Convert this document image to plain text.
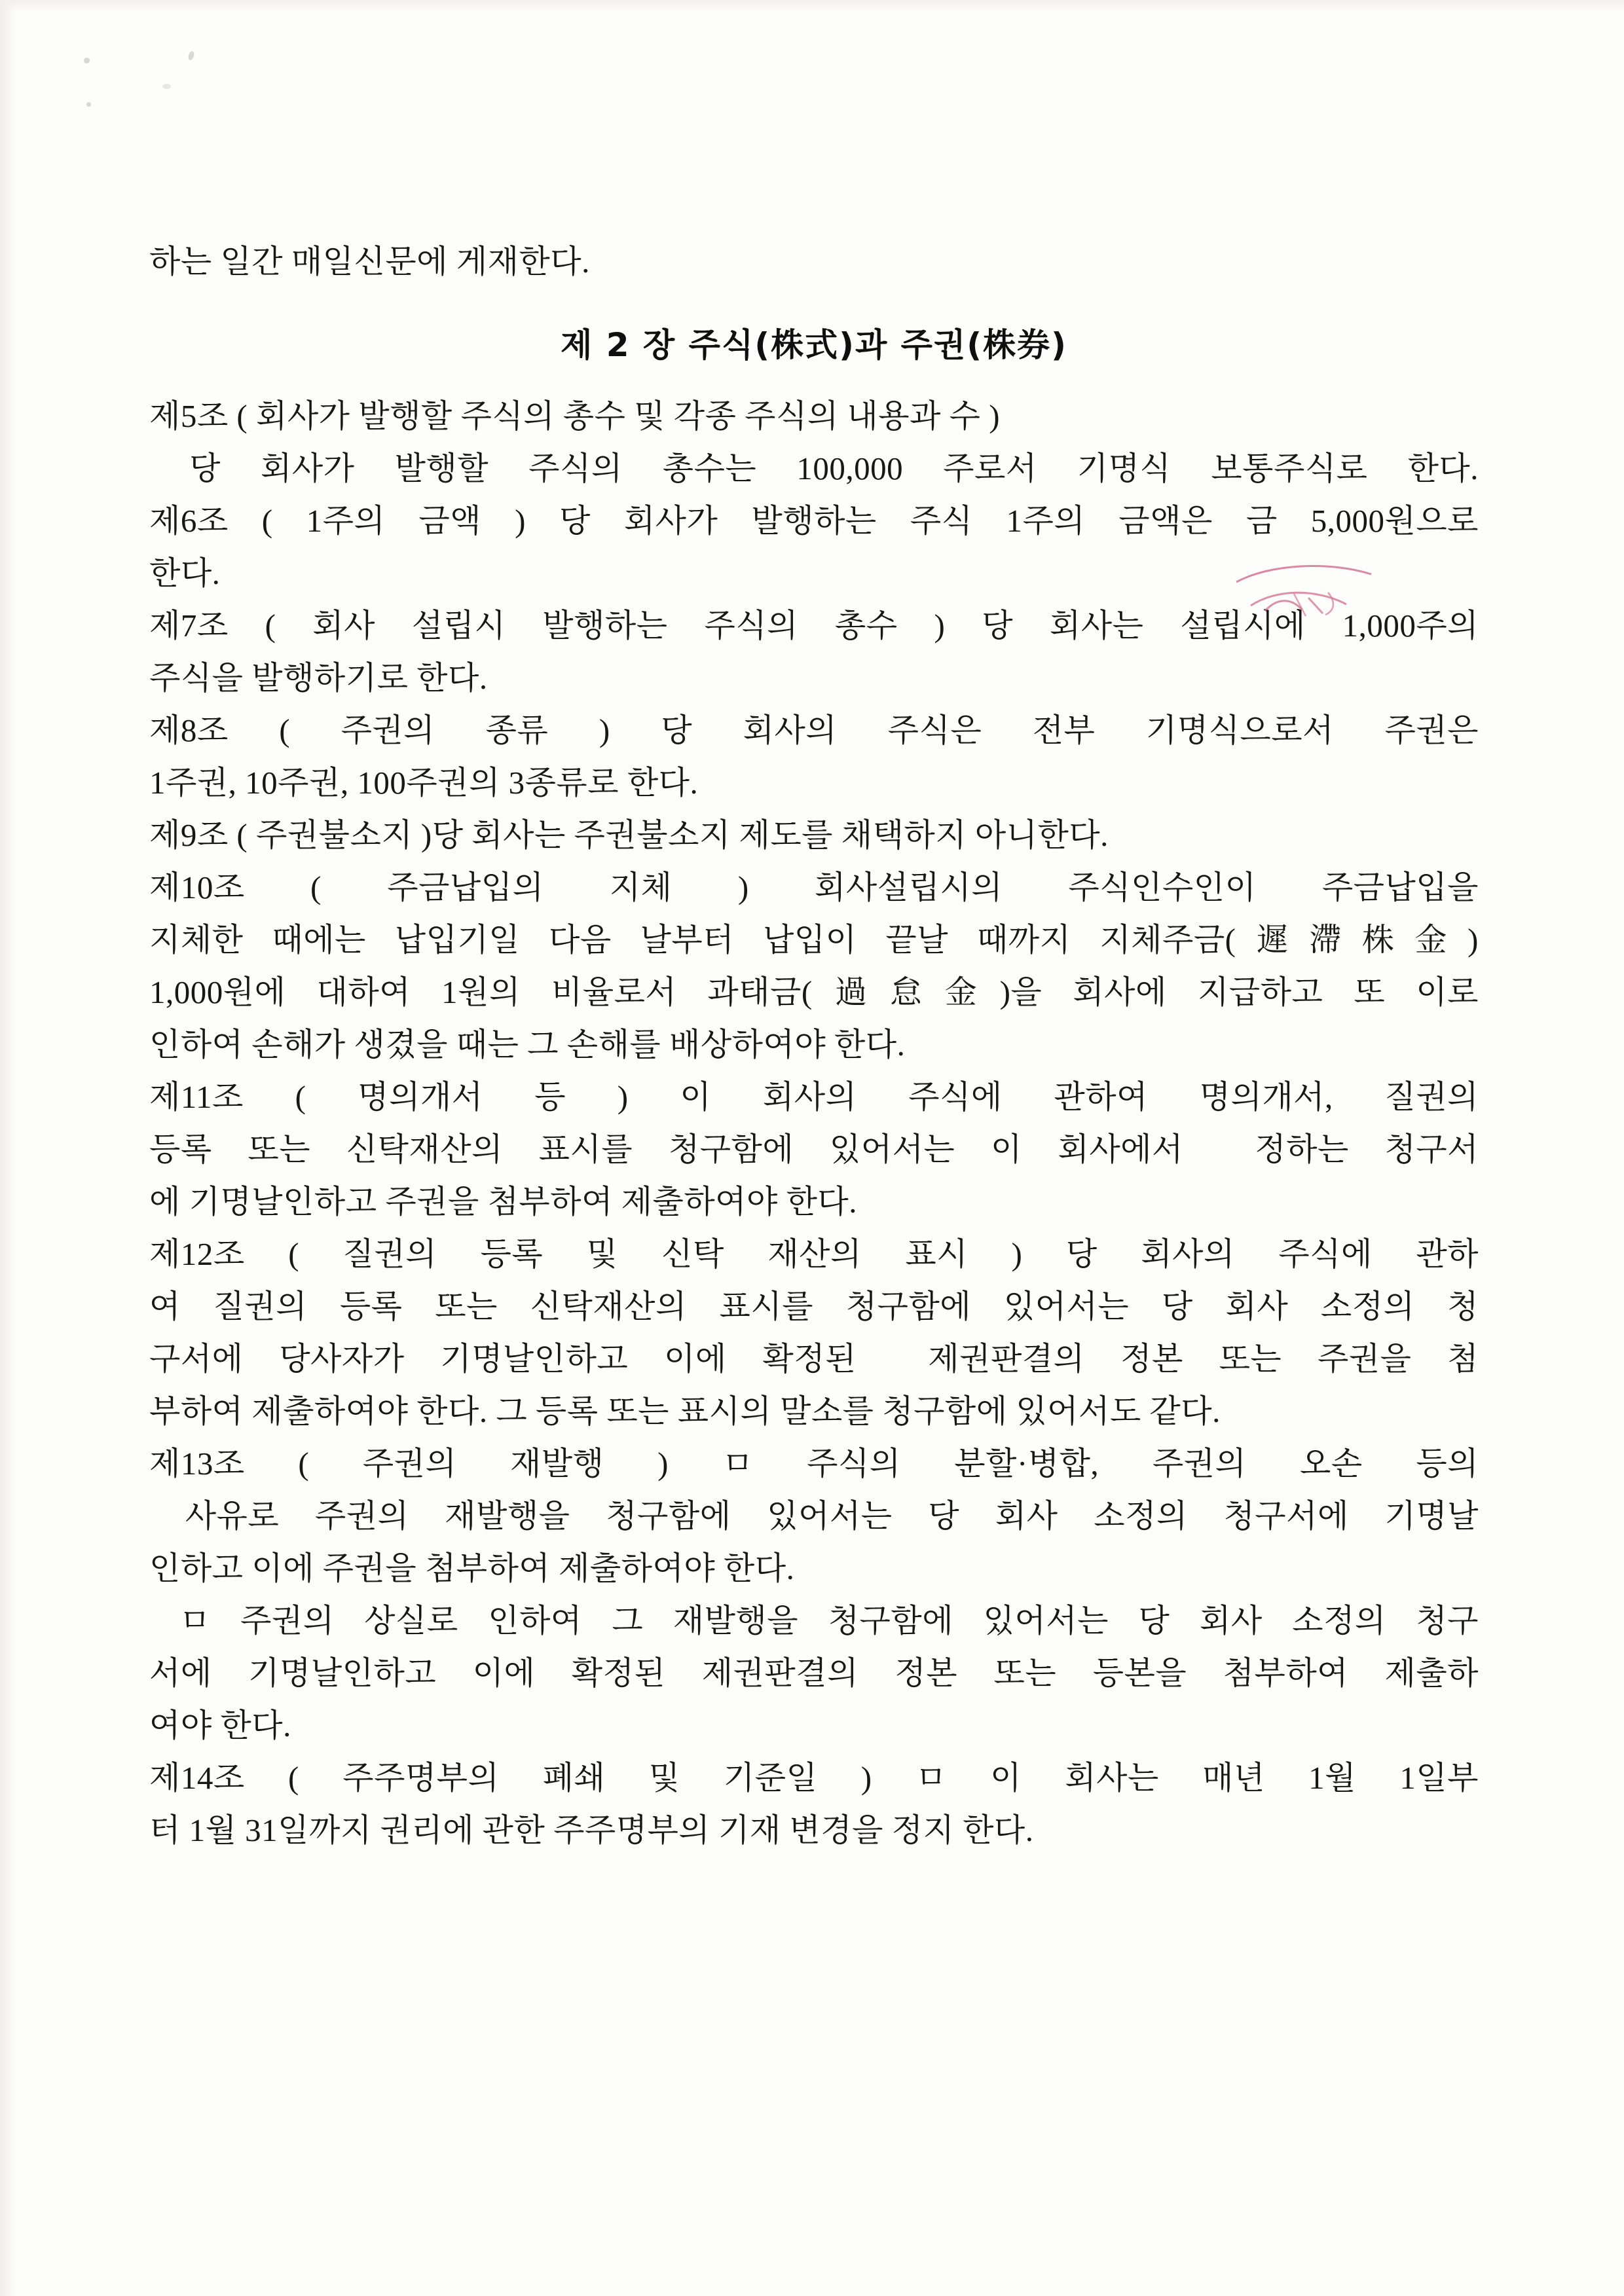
하는 일간 매일신문에 게재한다.
제 2 장 주식(株式)과 주권(株券)
제5조 ( 회사가 발행할 주식의 총수 및 각종 주식의 내용과 수 )
당 회사가 발행할 주식의 총수는 100,000 주로서 기명식 보통주식로 한다.
제6조 ( 1주의 금액 ) 당 회사가 발행하는 주식 1주의 금액은 금 5,000원으로
한다.
제7조 ( 회사 설립시 발행하는 주식의 총수 ) 당 회사는 설립시에 1,000주의
주식을 발행하기로 한다.
제8조 ( 주권의 종류 ) 당 회사의 주식은 전부 기명식으로서 주권은
1주권, 10주권, 100주권의 3종류로 한다.
제9조 ( 주권불소지 )당 회사는 주권불소지 제도를 채택하지 아니한다.
제10조 ( 주금납입의 지체 ) 회사설립시의 주식인수인이 주금납입을
지체한 때에는 납입기일 다음 날부터 납입이 끝날 때까지 지체주금(遲滯株金)
1,000원에 대하여 1원의 비율로서 과태금(過怠金)을 회사에 지급하고 또 이로
인하여 손해가 생겼을 때는 그 손해를 배상하여야 한다.
제11조 ( 명의개서 등 ) 이 회사의 주식에 관하여 명의개서, 질권의
등록 또는 신탁재산의 표시를 청구함에 있어서는 이 회사에서  정하는 청구서
에 기명날인하고 주권을 첨부하여 제출하여야 한다.
제12조 ( 질권의 등록 및 신탁 재산의 표시 ) 당 회사의 주식에 관하
여 질권의 등록 또는 신탁재산의 표시를 청구함에 있어서는 당 회사 소정의 청
구서에 당사자가 기명날인하고 이에 확정된  제권판결의 정본 또는 주권을 첨
부하여 제출하여야 한다. 그 등록 또는 표시의 말소를 청구함에 있어서도 같다.
제13조 ( 주권의 재발행 ) ㅁ 주식의 분할·병합, 주권의 오손 등의
사유로 주권의 재발행을 청구함에 있어서는 당 회사 소정의 청구서에 기명날
인하고 이에 주권을 첨부하여 제출하여야 한다.
ㅁ 주권의 상실로 인하여 그 재발행을 청구함에 있어서는 당 회사 소정의 청구
서에 기명날인하고 이에 확정된 제권판결의 정본 또는 등본을 첨부하여 제출하
여야 한다.
제14조 ( 주주명부의 폐쇄 및 기준일 ) ㅁ 이 회사는 매년 1월 1일부
터 1월 31일까지 권리에 관한 주주명부의 기재 변경을 정지 한다.
